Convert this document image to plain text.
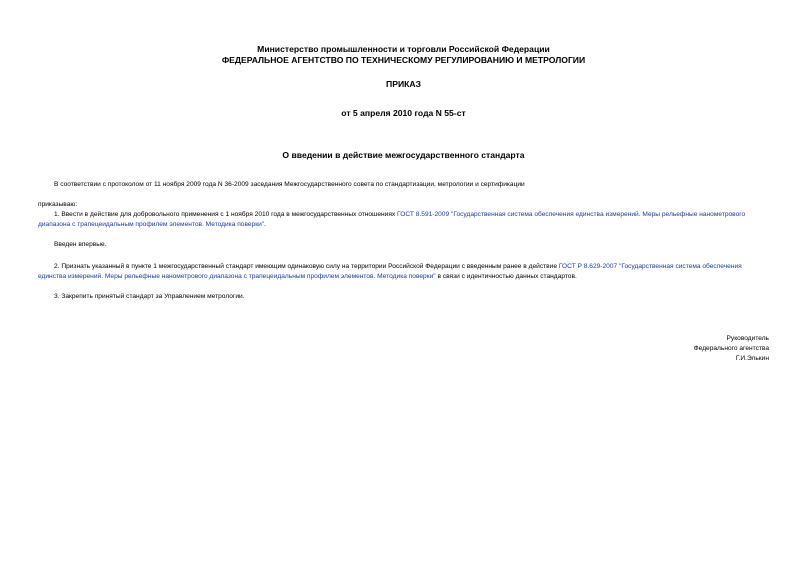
Министерство промышленности и торговли Российской Федерации
ФЕДЕРАЛЬНОЕ АГЕНТСТВО ПО ТЕХНИЧЕСКОМУ РЕГУЛИРОВАНИЮ И МЕТРОЛОГИИ
ПРИКАЗ
от 5 апреля 2010 года N 55-ст
О введении в действие межгосударственного стандарта
В соответствии с протоколом от 11 ноября 2009 года N 36-2009 заседания Межгосударственного совета по стандартизации, метрологии и сертификации
приказываю:
1. Ввести в действие для добровольного применения с 1 ноября 2010 года в межгосударственных отношениях ГОСТ 8.591-2009 "Государственная система обеспечения единства измерений. Меры рельефные нанометрового диапазона с трапецеидальным профилем элементов. Методика поверки".
Введен впервые.
2. Признать указанный в пункте 1 межгосударственный стандарт имеющим одинаковую силу на территории Российской Федерации с введенным ранее в действие ГОСТ Р 8.629-2007 "Государственная система обеспечения единства измерений. Меры рельефные нанометрового диапазона с трапецеидальным профилем элементов. Методика поверки" в связи с идентичностью данных стандартов.
3. Закрепить принятый стандарт за Управлением метрологии.
Руководитель
Федерального агентства
Г.И.Элькин
